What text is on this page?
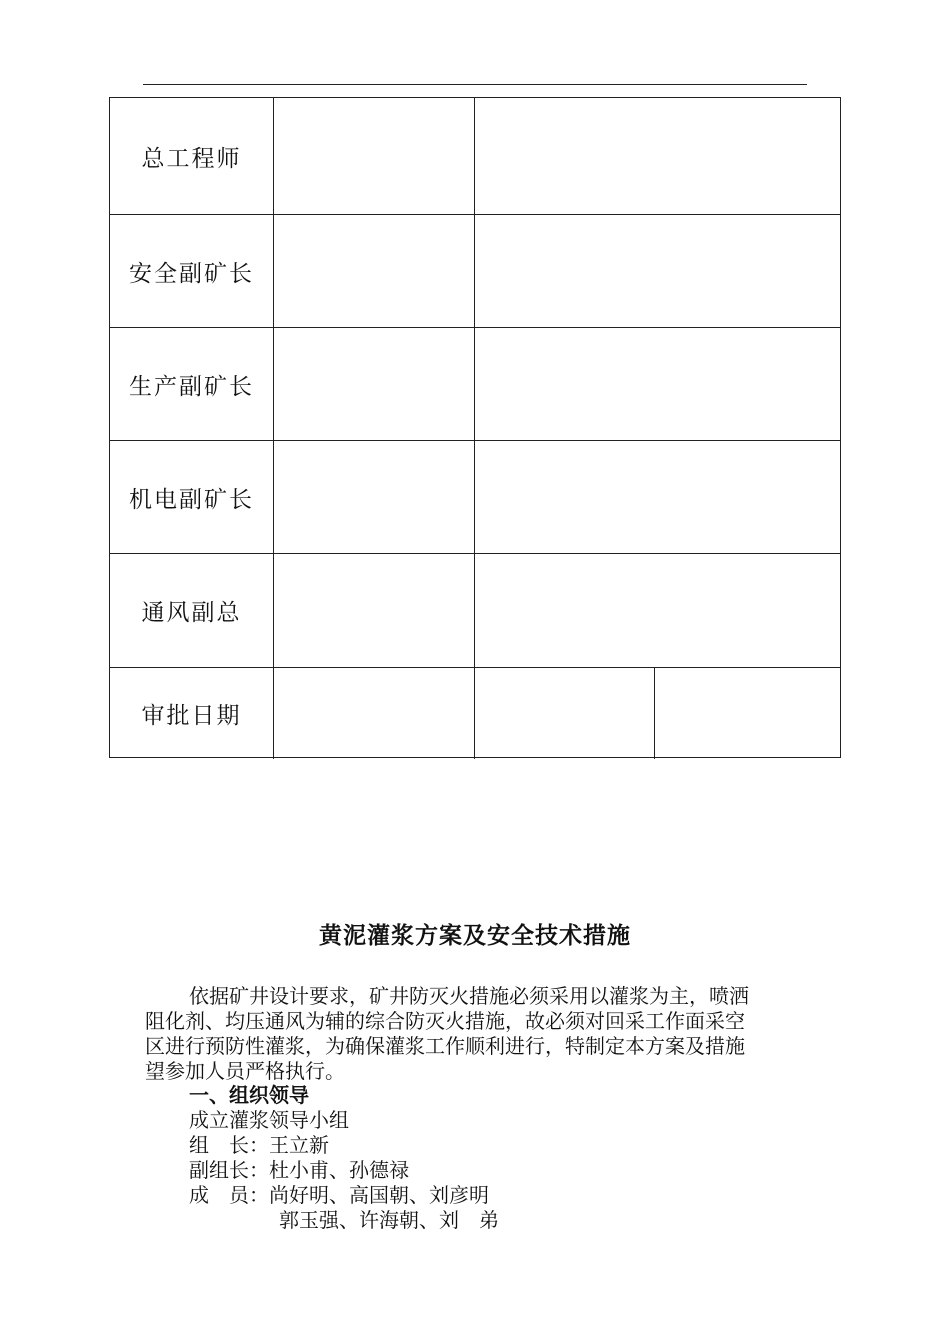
总工程师
安全副矿长
生产副矿长
机电副矿长
通风副总
审批日期
黄泥灌浆方案及安全技术措施
依据矿井设计要求，矿井防灭火措施必须采用以灌浆为主，喷洒
阻化剂、均压通风为辅的综合防灭火措施，故必须对回采工作面采空
区进行预防性灌浆，为确保灌浆工作顺利进行，特制定本方案及措施
望参加人员严格执行。
一、组织领导
成立灌浆领导小组
组　长：王立新
副组长：杜小甫、孙德禄
成　员：尚好明、高国朝、刘彦明
郭玉强、许海朝、刘　弟
